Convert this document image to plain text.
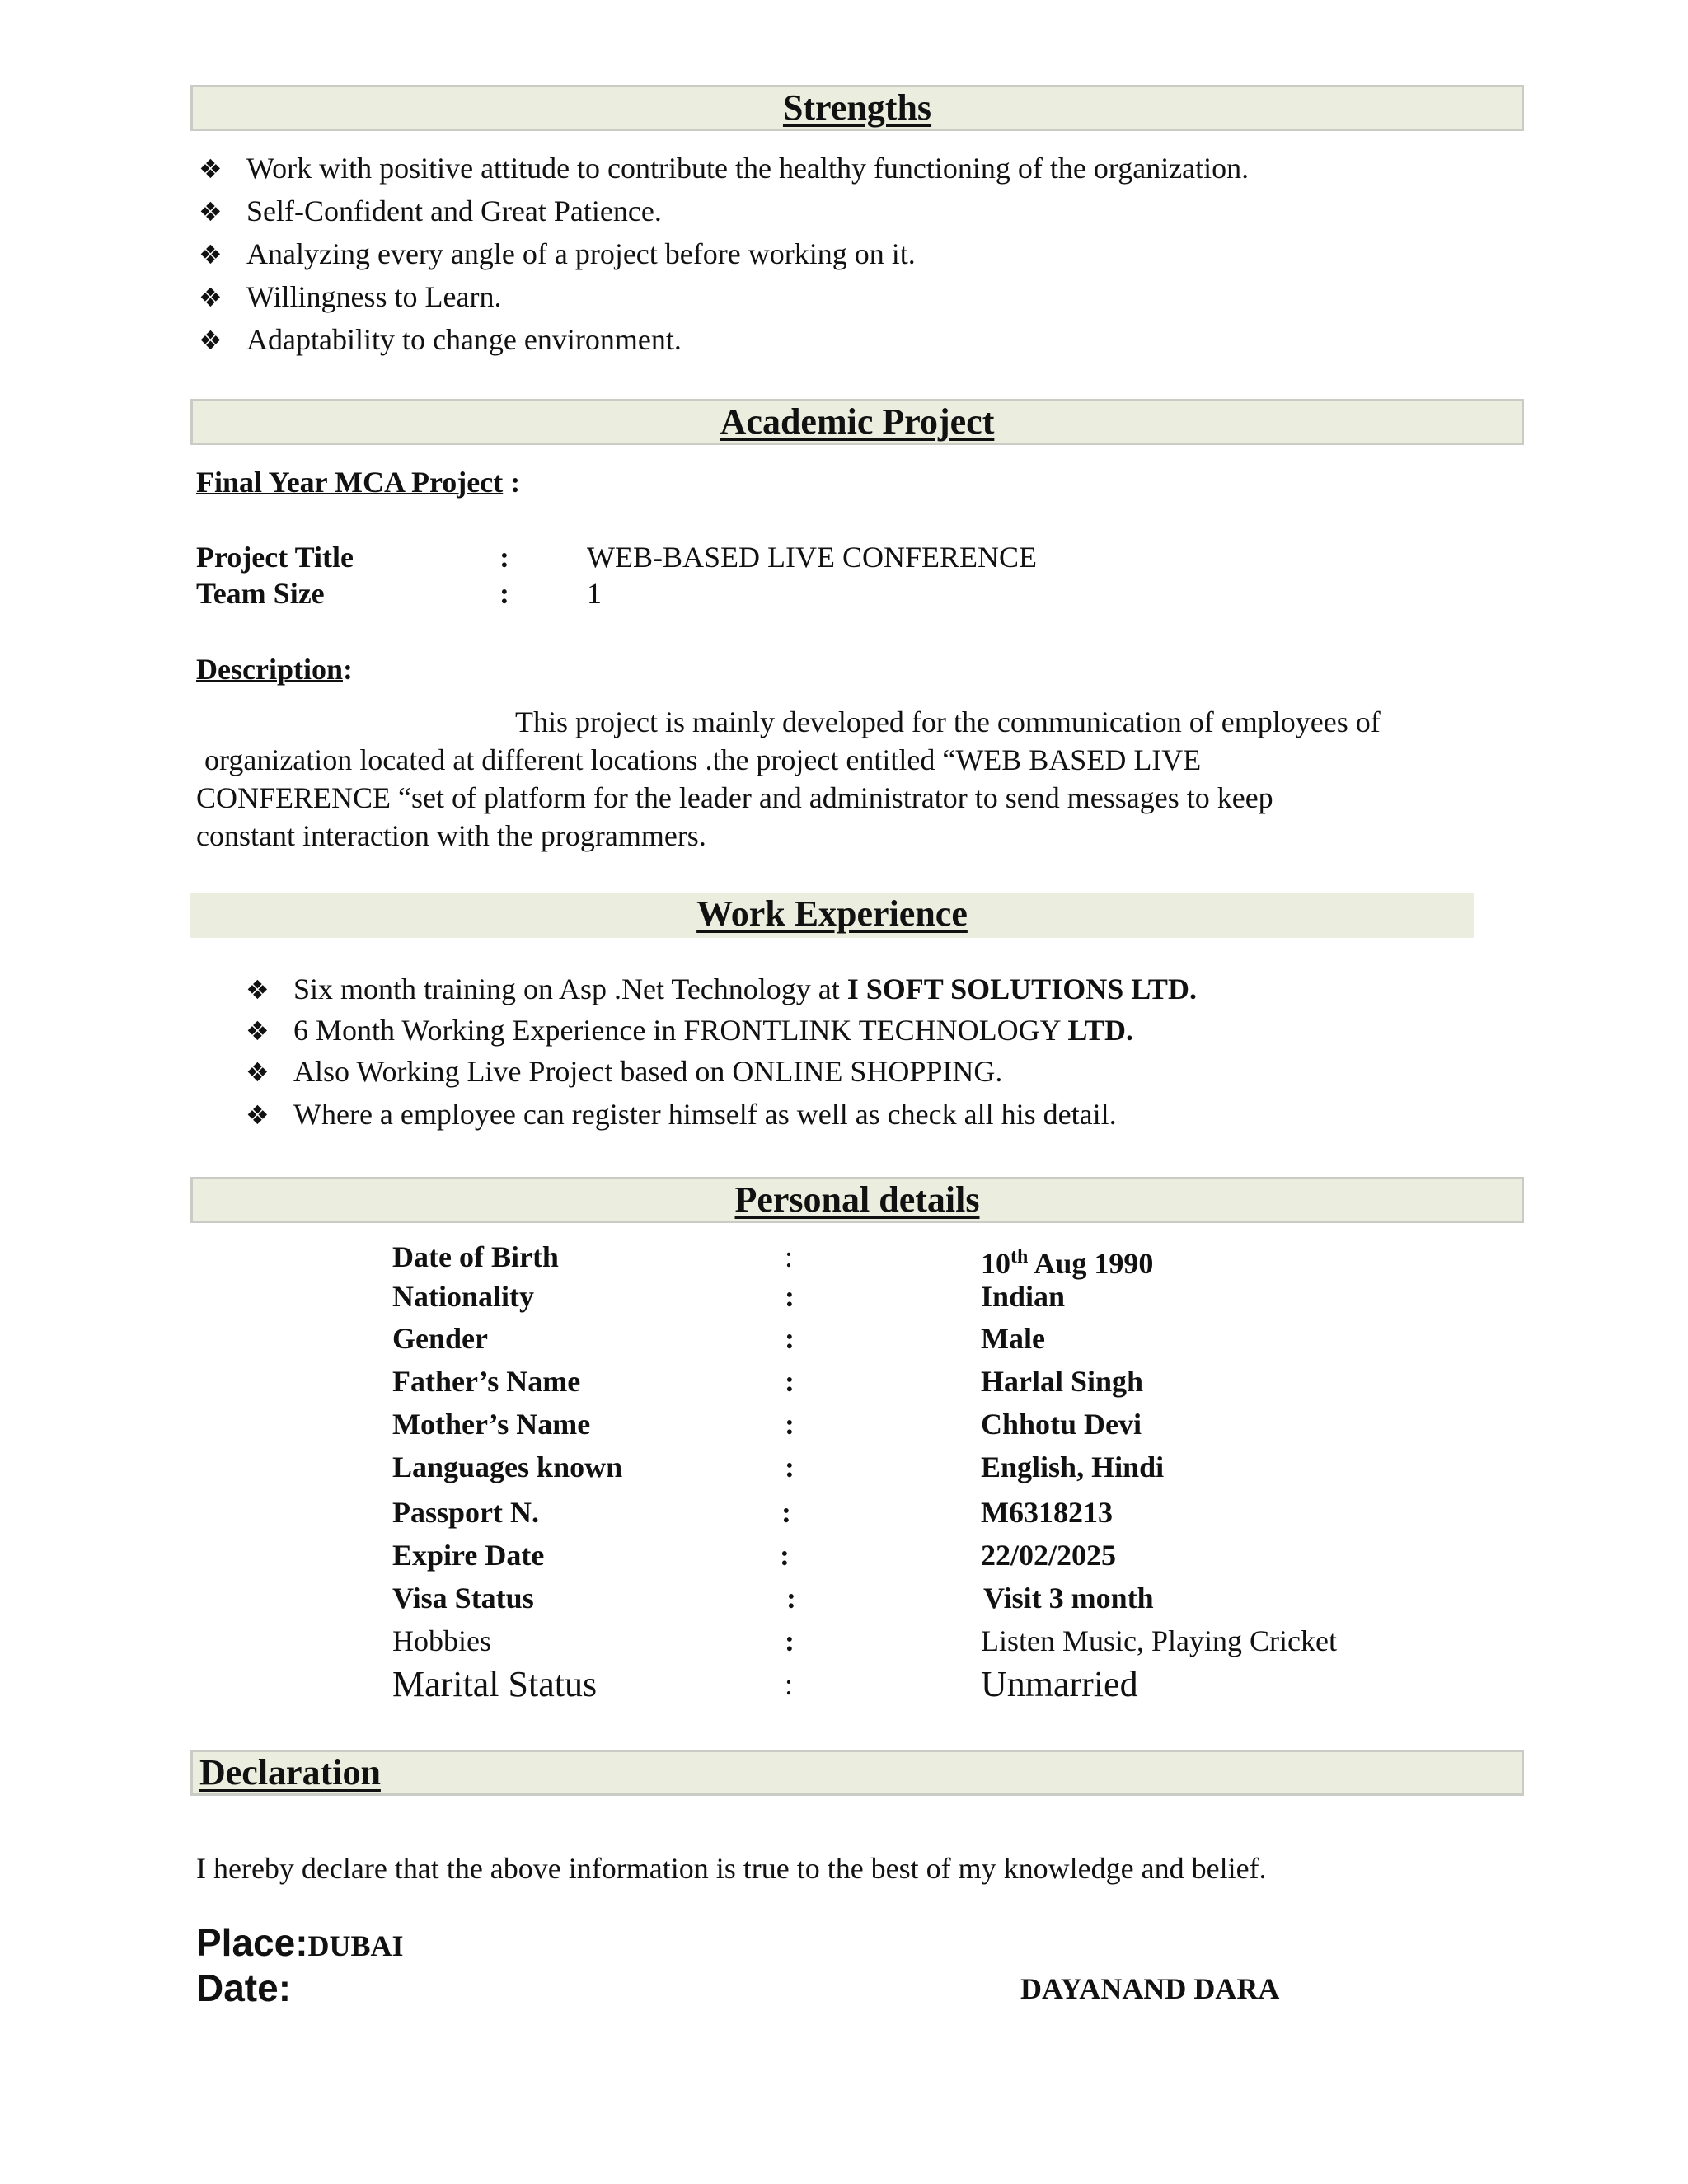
Strengths
❖ Work with positive attitude to contribute the healthy functioning of the organization.
❖ Self-Confident and Great Patience.
❖ Analyzing every angle of a project before working on it.
❖ Willingness to Learn.
❖ Adaptability to change environment.
Academic Project
Final Year MCA Project :
Project Title	:	WEB-BASED LIVE CONFERENCE
Team Size	:	1
Description:
This project is mainly developed for the communication of employees of
organization located at different locations .the project entitled “WEB BASED LIVE
CONFERENCE “set of platform for the leader and administrator to send messages to keep
constant interaction with the programmers.
Work Experience
❖ Six month training on Asp .Net Technology at I SOFT SOLUTIONS LTD.
❖ 6 Month Working Experience in FRONTLINK TECHNOLOGY LTD.
❖ Also Working Live Project based on ONLINE SHOPPING.
❖ Where a employee can register himself as well as check all his detail.
Personal details
Date of Birth	:	10th Aug 1990
Nationality	:	Indian
Gender	:	Male
Father’s Name	:	Harlal Singh
Mother’s Name	:	Chhotu Devi
Languages known	:	English, Hindi
Passport N.	:	M6318213
Expire Date	:	22/02/2025
Visa Status	:	Visit 3 month
Hobbies	:	Listen Music, Playing Cricket
Marital Status	:	Unmarried
Declaration
I hereby declare that the above information is true to the best of my knowledge and belief.
Place:DUBAI
Date:	DAYANAND DARA
